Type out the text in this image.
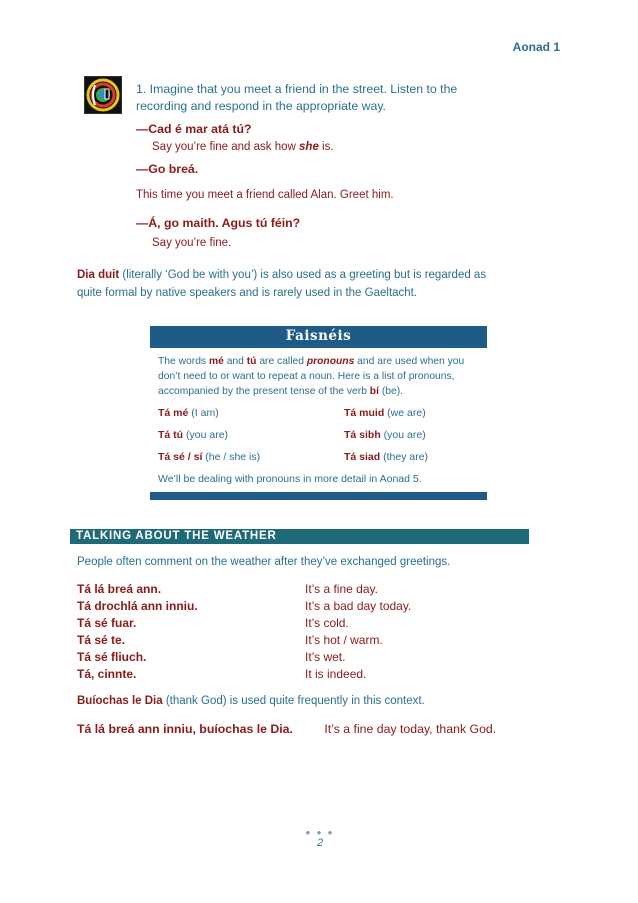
Aonad 1
1. Imagine that you meet a friend in the street. Listen to the
recording and respond in the appropriate way.
—Cad é mar atá tú?
Say you’re fine and ask how she is.
—Go breá.
This time you meet a friend called Alan. Greet him.
—Á, go maith. Agus tú féin?
Say you’re fine.
Dia duit (literally ‘God be with you’) is also used as a greeting but is regarded as
quite formal by native speakers and is rarely used in the Gaeltacht.
Faisnéis
The words mé and tú are called pronouns and are used when you
don’t need to or want to repeat a noun. Here is a list of pronouns,
accompanied by the present tense of the verb bí (be).
Tá mé (I am)	Tá muid (we are)
Tá tú (you are)	Tá sibh (you are)
Tá sé / sí (he / she is)	Tá siad (they are)
We’ll be dealing with pronouns in more detail in Aonad 5.
TALKING ABOUT THE WEATHER
People often comment on the weather after they’ve exchanged greetings.
Tá lá breá ann.	It’s a fine day.
Tá drochlá ann inniu.	It’s a bad day today.
Tá sé fuar.	It’s cold.
Tá sé te.	It’s hot / warm.
Tá sé fliuch.	It’s wet.
Tá, cinnte.	It is indeed.
Buíochas le Dia (thank God) is used quite frequently in this context.
Tá lá breá ann inniu, buíochas le Dia.	It’s a fine day today, thank God.
● ● ●
2
